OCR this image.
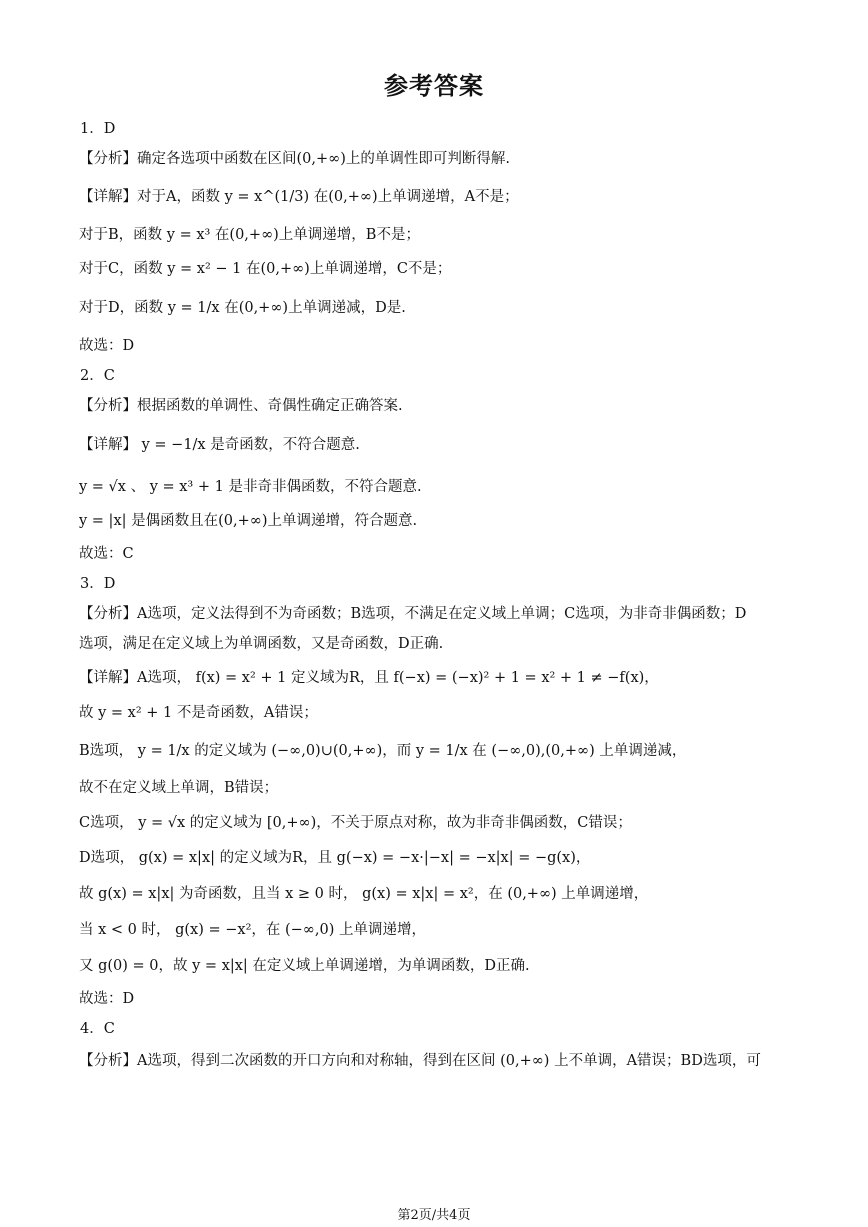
参考答案
1．D
【分析】确定各选项中函数在区间(0,+∞)上的单调性即可判断得解.
【详解】对于A，函数 y = x^(1/3) 在(0,+∞)上单调递增，A不是；
对于B，函数 y = x³ 在(0,+∞)上单调递增，B不是；
对于C，函数 y = x² − 1 在(0,+∞)上单调递增，C不是；
对于D，函数 y = 1/x 在(0,+∞)上单调递减，D是.
故选：D
2．C
【分析】根据函数的单调性、奇偶性确定正确答案.
【详解】 y = −1/x 是奇函数，不符合题意.
y = √x 、 y = x³ + 1 是非奇非偶函数，不符合题意.
y = |x| 是偶函数且在(0,+∞)上单调递增，符合题意.
故选：C
3．D
【分析】A选项，定义法得到不为奇函数；B选项，不满足在定义域上单调；C选项，为非奇非偶函数；D
选项，满足在定义域上为单调函数，又是奇函数，D正确.
【详解】A选项， f(x) = x² + 1 定义域为R，且 f(−x) = (−x)² + 1 = x² + 1 ≠ −f(x)，
故 y = x² + 1 不是奇函数，A错误；
B选项， y = 1/x 的定义域为 (−∞,0)∪(0,+∞)，而 y = 1/x 在 (−∞,0),(0,+∞) 上单调递减，
故不在定义域上单调，B错误；
C选项， y = √x 的定义域为 [0,+∞)，不关于原点对称，故为非奇非偶函数，C错误；
D选项， g(x) = x|x| 的定义域为R，且 g(−x) = −x·|−x| = −x|x| = −g(x)，
故 g(x) = x|x| 为奇函数，且当 x ≥ 0 时， g(x) = x|x| = x²，在 (0,+∞) 上单调递增，
当 x < 0 时， g(x) = −x²，在 (−∞,0) 上单调递增，
又 g(0) = 0，故 y = x|x| 在定义域上单调递增，为单调函数，D正确.
故选：D
4．C
【分析】A选项，得到二次函数的开口方向和对称轴，得到在区间 (0,+∞) 上不单调，A错误；BD选项，可
第2页/共4页
